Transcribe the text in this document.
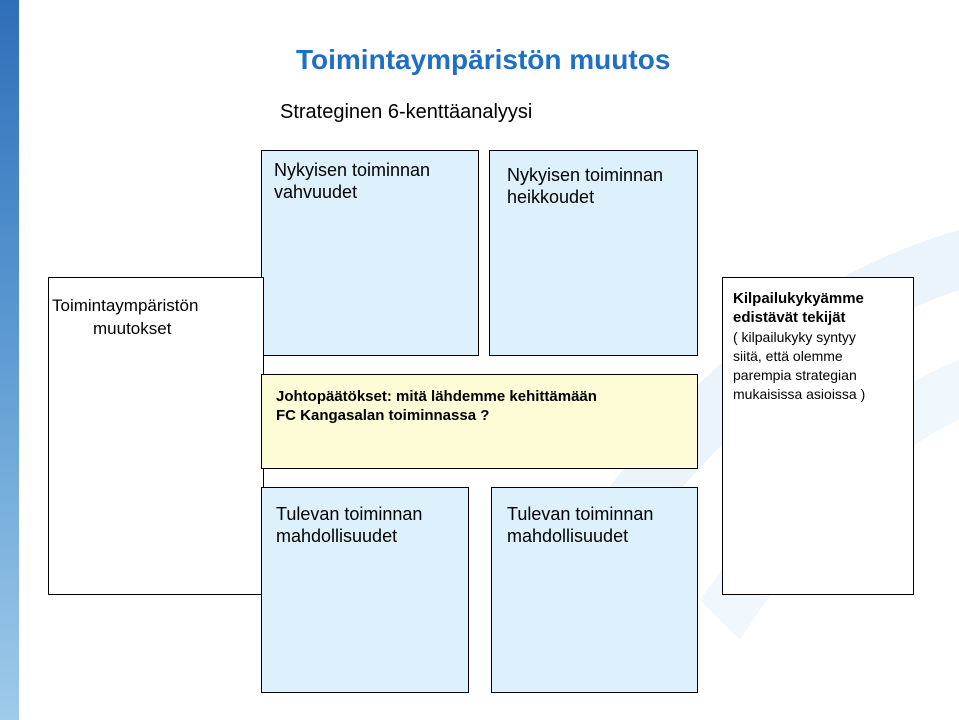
Toimintaympäristön muutos
Strateginen 6-kenttäanalyysi
Nykyisen toiminnan
vahvuudet
Nykyisen toiminnan
heikkoudet
Toimintaympäristön
muutokset
Johtopäätökset: mitä lähdemme kehittämään
FC Kangasalan toiminnassa ?
Kilpailukykyämme
edistävät tekijät
( kilpailukyky syntyy
siitä, että olemme
parempia strategian
mukaisissa asioissa )
Tulevan toiminnan
mahdollisuudet
Tulevan toiminnan
mahdollisuudet
